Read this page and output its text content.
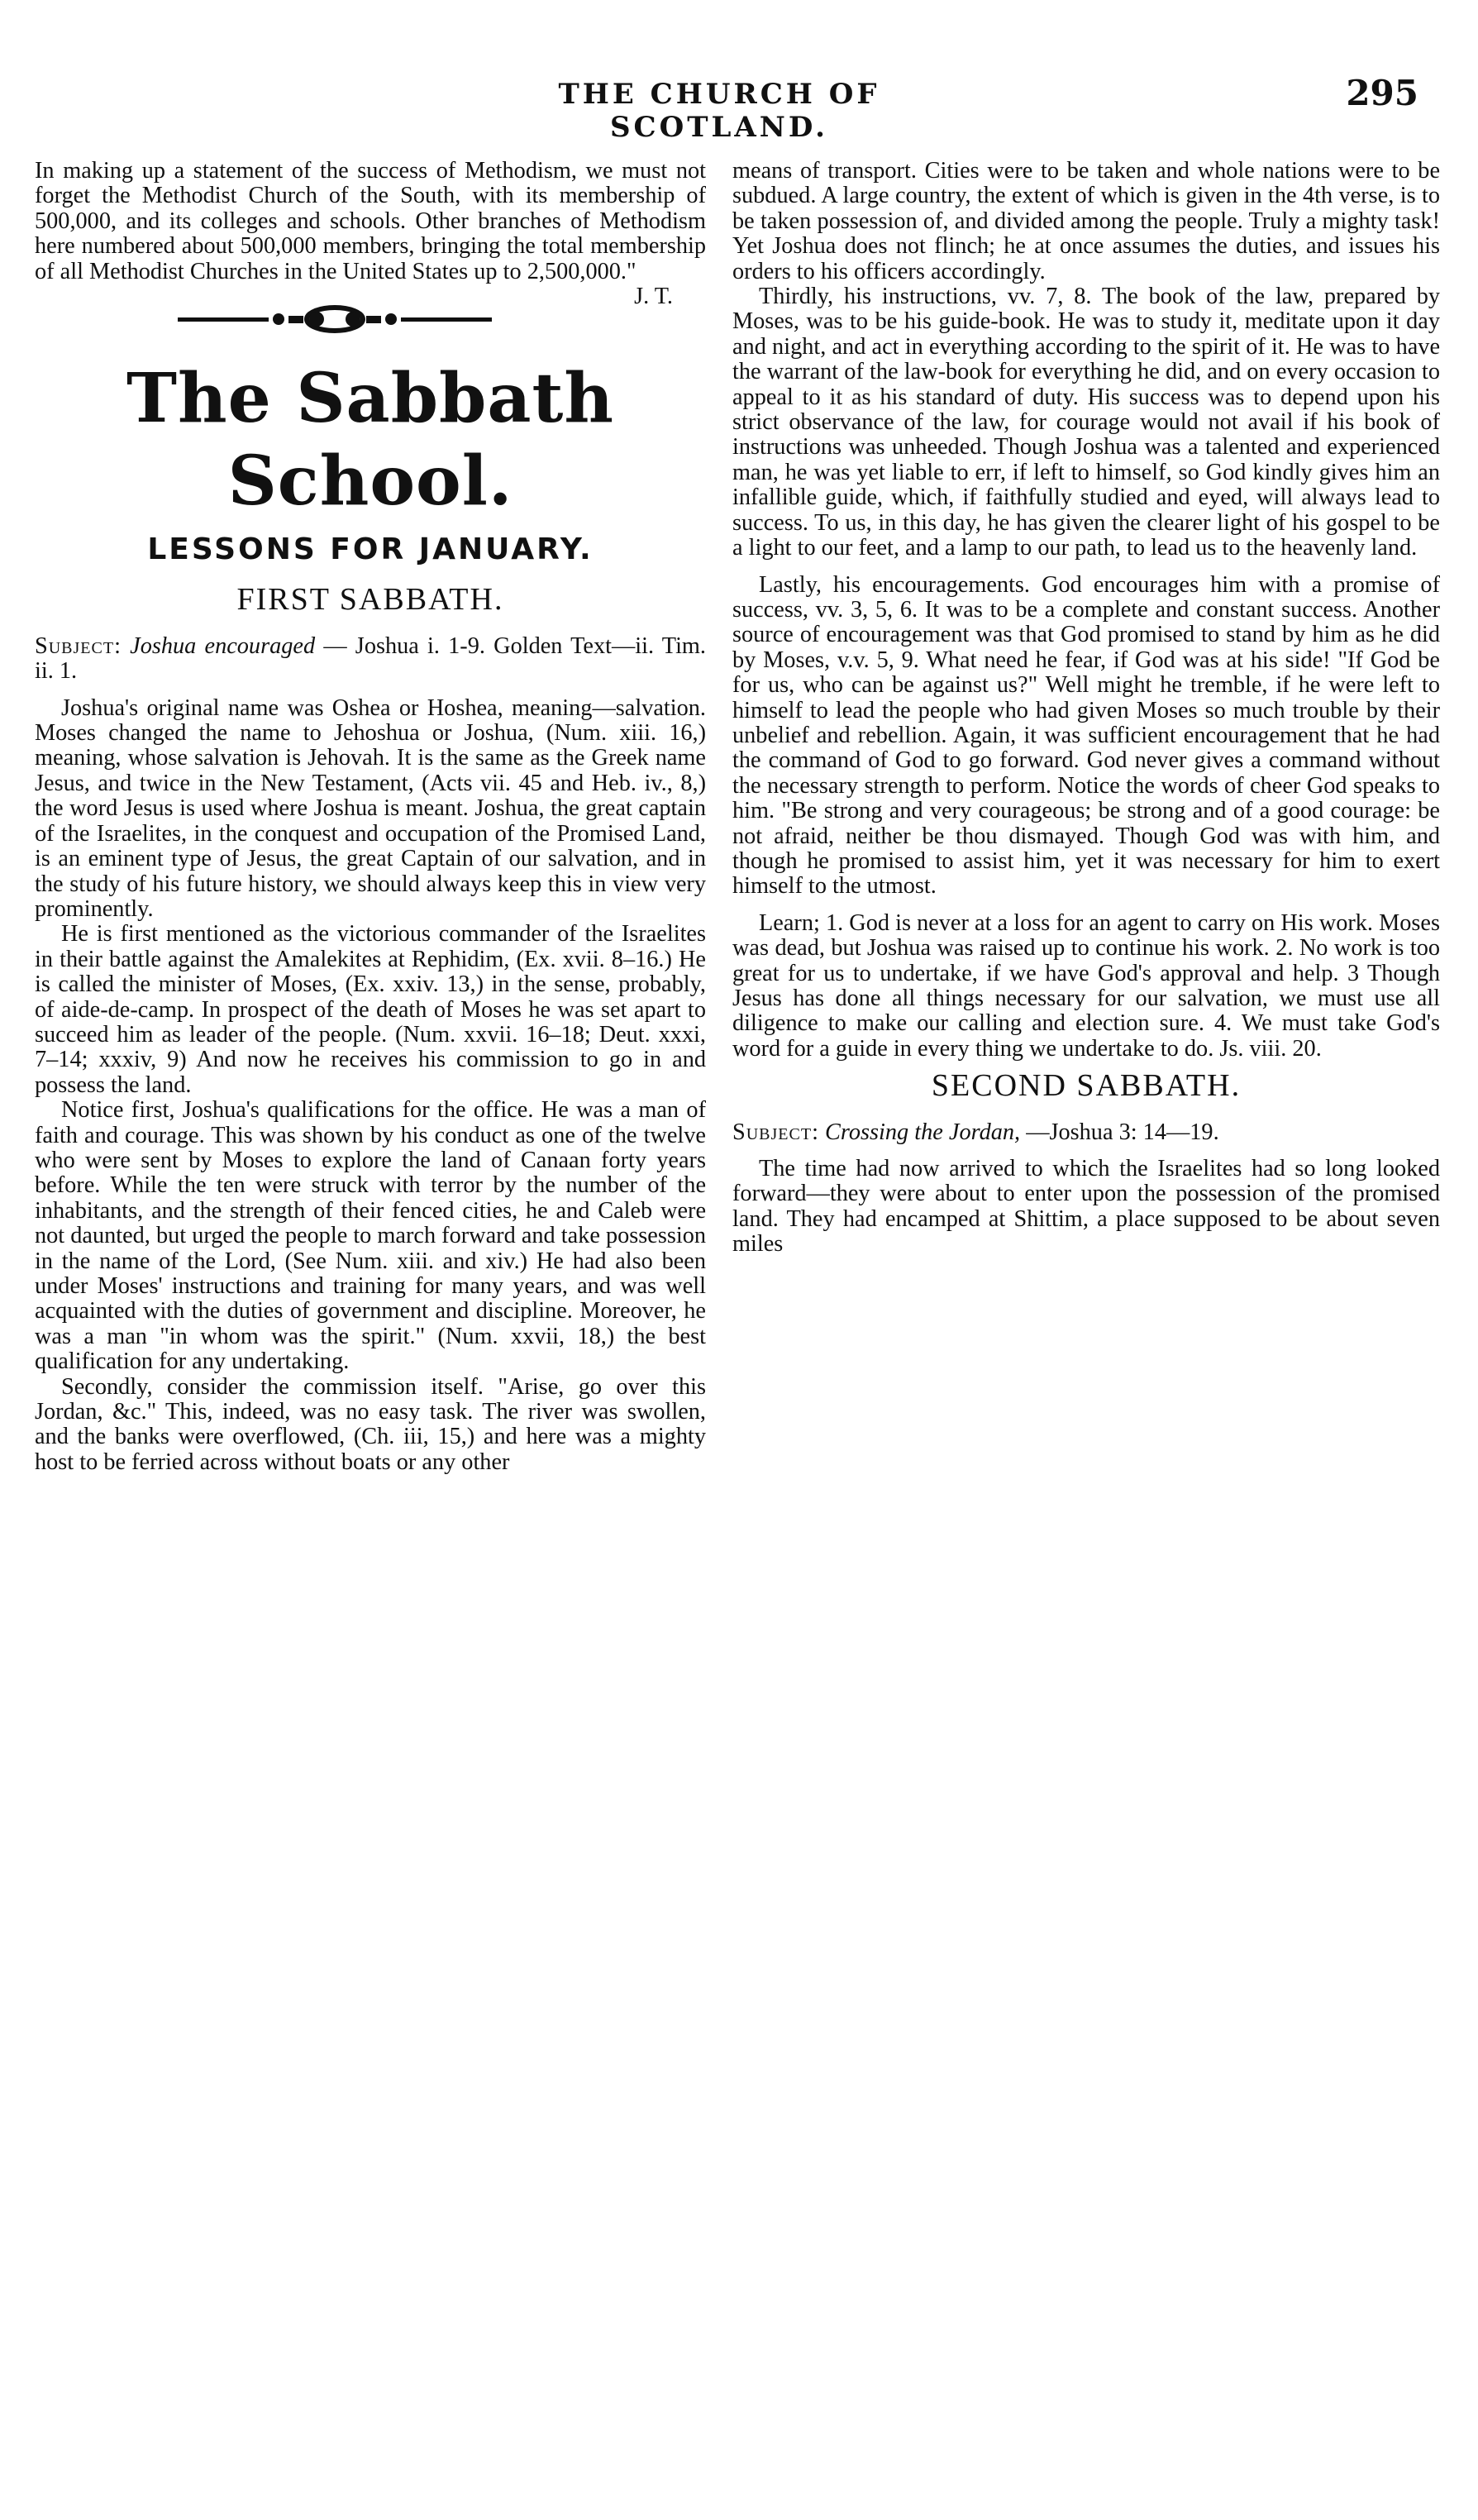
THE CHURCH OF SCOTLAND.
295

In making up a statement of the success of Methodism, we must not forget the Methodist Church of the South, with its membership of 500,000, and its colleges and schools. Other branches of Methodism here numbered about 500,000 members, bringing the total membership of all Methodist Churches in the United States up to 2,500,000."
J. T.

The Sabbath School.
LESSONS FOR JANUARY.
FIRST SABBATH.

Subject: Joshua encouraged — Joshua i. 1-9. Golden Text—ii. Tim. ii. 1.

Joshua's original name was Oshea or Hoshea, meaning—salvation. Moses changed the name to Jehoshua or Joshua, (Num. xiii. 16,) meaning, whose salvation is Jehovah. It is the same as the Greek name Jesus, and twice in the New Testament, (Acts vii. 45 and Heb. iv., 8,) the word Jesus is used where Joshua is meant. Joshua, the great captain of the Israelites, in the conquest and occupation of the Promised Land, is an eminent type of Jesus, the great Captain of our salvation, and in the study of his future history, we should always keep this in view very prominently.

He is first mentioned as the victorious commander of the Israelites in their battle against the Amalekites at Rephidim, (Ex. xvii. 8–16.) He is called the minister of Moses, (Ex. xxiv. 13,) in the sense, probably, of aide-de-camp. In prospect of the death of Moses he was set apart to succeed him as leader of the people. (Num. xxvii. 16–18; Deut. xxxi, 7–14; xxxiv, 9) And now he receives his commission to go in and possess the land.

Notice first, Joshua's qualifications for the office. He was a man of faith and courage. This was shown by his conduct as one of the twelve who were sent by Moses to explore the land of Canaan forty years before. While the ten were struck with terror by the number of the inhabitants, and the strength of their fenced cities, he and Caleb were not daunted, but urged the people to march forward and take possession in the name of the Lord, (See Num. xiii. and xiv.) He had also been under Moses' instructions and training for many years, and was well acquainted with the duties of government and discipline. Moreover, he was a man "in whom was the spirit." (Num. xxvii, 18,) the best qualification for any undertaking.

Secondly, consider the commission itself. "Arise, go over this Jordan, &c." This, indeed, was no easy task. The river was swollen, and the banks were overflowed, (Ch. iii, 15,) and here was a mighty host to be ferried across without boats or any other

means of transport. Cities were to be taken and whole nations were to be subdued. A large country, the extent of which is given in the 4th verse, is to be taken possession of, and divided among the people. Truly a mighty task! Yet Joshua does not flinch; he at once assumes the duties, and issues his orders to his officers accordingly.

Thirdly, his instructions, vv. 7, 8. The book of the law, prepared by Moses, was to be his guide-book. He was to study it, meditate upon it day and night, and act in everything according to the spirit of it. He was to have the warrant of the law-book for everything he did, and on every occasion to appeal to it as his standard of duty. His success was to depend upon his strict observance of the law, for courage would not avail if his book of instructions was unheeded. Though Joshua was a talented and experienced man, he was yet liable to err, if left to himself, so God kindly gives him an infallible guide, which, if faithfully studied and eyed, will always lead to success. To us, in this day, he has given the clearer light of his gospel to be a light to our feet, and a lamp to our path, to lead us to the heavenly land.

Lastly, his encouragements. God encourages him with a promise of success, vv. 3, 5, 6. It was to be a complete and constant success. Another source of encouragement was that God promised to stand by him as he did by Moses, v.v. 5, 9. What need he fear, if God was at his side! "If God be for us, who can be against us?" Well might he tremble, if he were left to himself to lead the people who had given Moses so much trouble by their unbelief and rebellion. Again, it was sufficient encouragement that he had the command of God to go forward. God never gives a command without the necessary strength to perform. Notice the words of cheer God speaks to him. "Be strong and very courageous; be strong and of a good courage: be not afraid, neither be thou dismayed. Though God was with him, and though he promised to assist him, yet it was necessary for him to exert himself to the utmost.

Learn; 1. God is never at a loss for an agent to carry on His work. Moses was dead, but Joshua was raised up to continue his work. 2. No work is too great for us to undertake, if we have God's approval and help. 3 Though Jesus has done all things necessary for our salvation, we must use all diligence to make our calling and election sure. 4. We must take God's word for a guide in every thing we undertake to do. Js. viii. 20.

SECOND SABBATH.

Subject: Crossing the Jordan, —Joshua 3: 14—19.

The time had now arrived to which the Israelites had so long looked forward—they were about to enter upon the possession of the promised land. They had encamped at Shittim, a place supposed to be about seven miles
